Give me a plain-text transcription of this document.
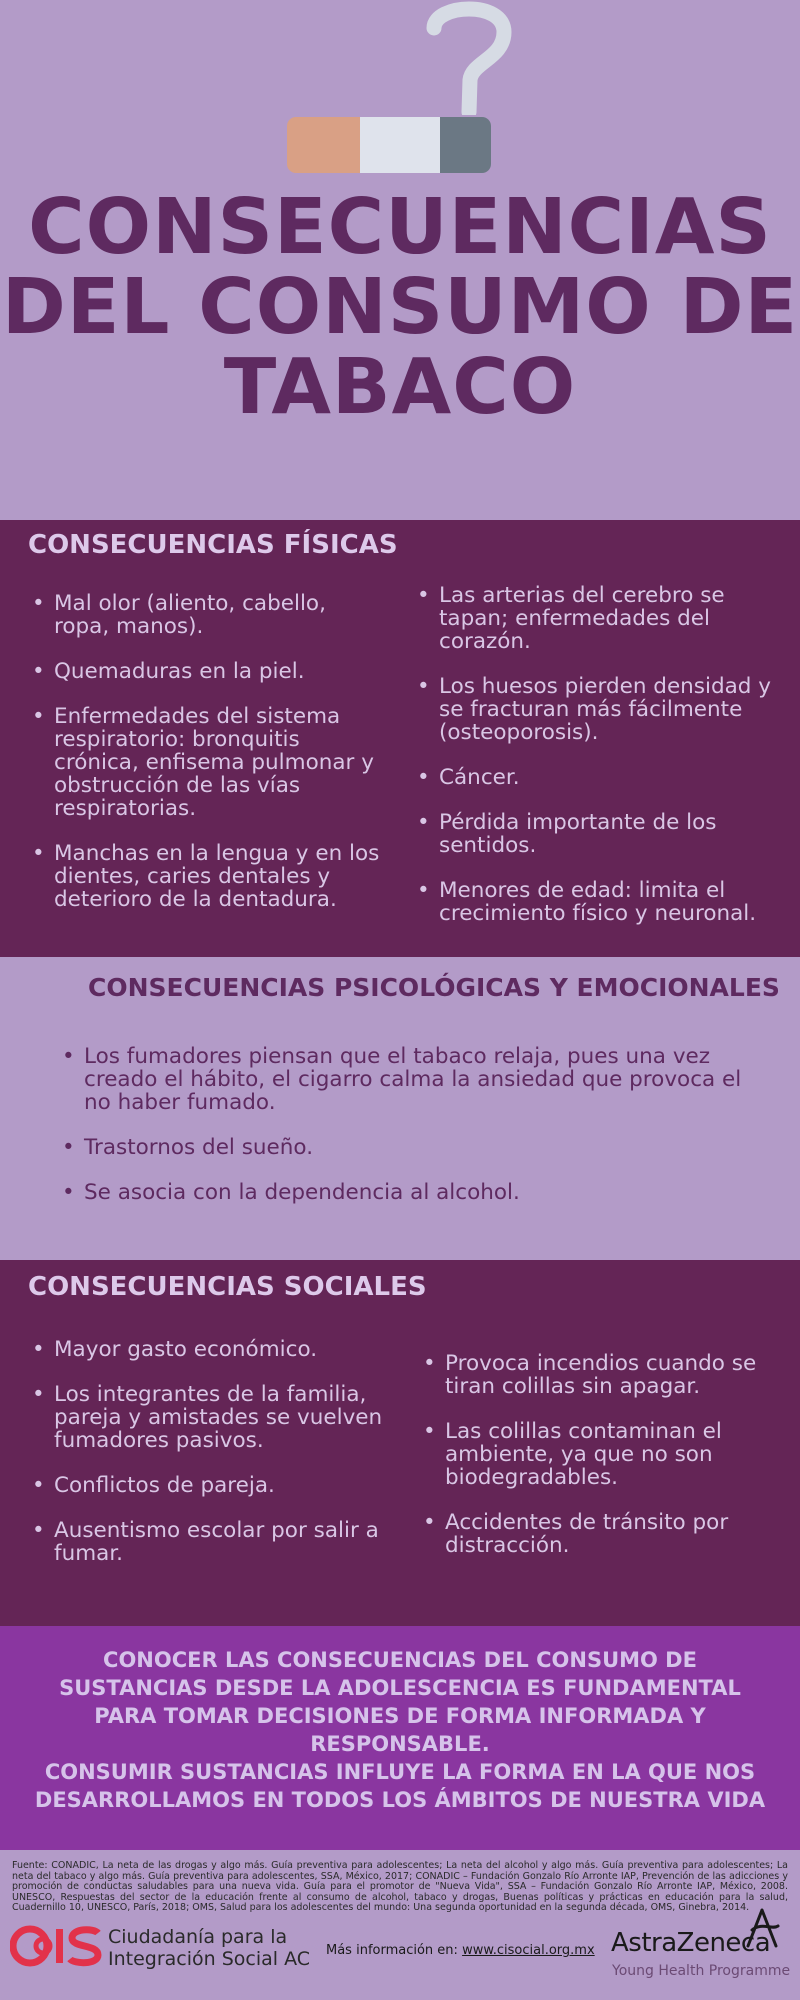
CONSECUENCIAS
DEL CONSUMO DE
TABACO
CONSECUENCIAS FÍSICAS
• Mal olor (aliento, cabello, ropa, manos).
• Quemaduras en la piel.
• Enfermedades del sistema respiratorio: bronquitis crónica, enfisema pulmonar y obstrucción de las vías respiratorias.
• Manchas en la lengua y en los dientes, caries dentales y deterioro de la dentadura.
• Las arterias del cerebro se tapan; enfermedades del corazón.
• Los huesos pierden densidad y se fracturan más fácilmente (osteoporosis).
• Cáncer.
• Pérdida importante de los sentidos.
• Menores de edad: limita el crecimiento físico y neuronal.
CONSECUENCIAS PSICOLÓGICAS Y EMOCIONALES
• Los fumadores piensan que el tabaco relaja, pues una vez creado el hábito, el cigarro calma la ansiedad que provoca el no haber fumado.
• Trastornos del sueño.
• Se asocia con la dependencia al alcohol.
CONSECUENCIAS SOCIALES
• Mayor gasto económico.
• Los integrantes de la familia, pareja y amistades se vuelven fumadores pasivos.
• Conflictos de pareja.
• Ausentismo escolar por salir a fumar.
• Provoca incendios cuando se tiran colillas sin apagar.
• Las colillas contaminan el ambiente, ya que no son biodegradables.
• Accidentes de tránsito por distracción.

CONOCER LAS CONSECUENCIAS DEL CONSUMO DE SUSTANCIAS DESDE LA ADOLESCENCIA ES FUNDAMENTAL PARA TOMAR DECISIONES DE FORMA INFORMADA Y RESPONSABLE.

CONSUMIR SUSTANCIAS INFLUYE LA FORMA EN LA QUE NOS DESARROLLAMOS EN TODOS LOS ÁMBITOS DE NUESTRA VIDA

Fuente: CONADIC, La neta de las drogas y algo más. Guía preventiva para adolescentes; La neta del alcohol y algo más. Guía preventiva para adolescentes; La neta del tabaco y algo más. Guía preventiva para adolescentes, SSA, México, 2017; CONADIC – Fundación Gonzalo Río Arronte IAP, Prevención de las adicciones y promoción de conductas saludables para una nueva vida. Guía para el promotor de "Nueva Vida", SSA – Fundación Gonzalo Río Arronte IAP, México, 2008. UNESCO, Respuestas del sector de la educación frente al consumo de alcohol, tabaco y drogas, Buenas políticas y prácticas en educación para la salud, Cuadernillo 10, UNESCO, París, 2018; OMS, Salud para los adolescentes del mundo: Una segunda oportunidad en la segunda década, OMS, Ginebra, 2014.
CIS
Ciudadanía para la
Integración Social AC Más información en: www.cisocial.org.mx AstraZeneca
Young Health Programme
